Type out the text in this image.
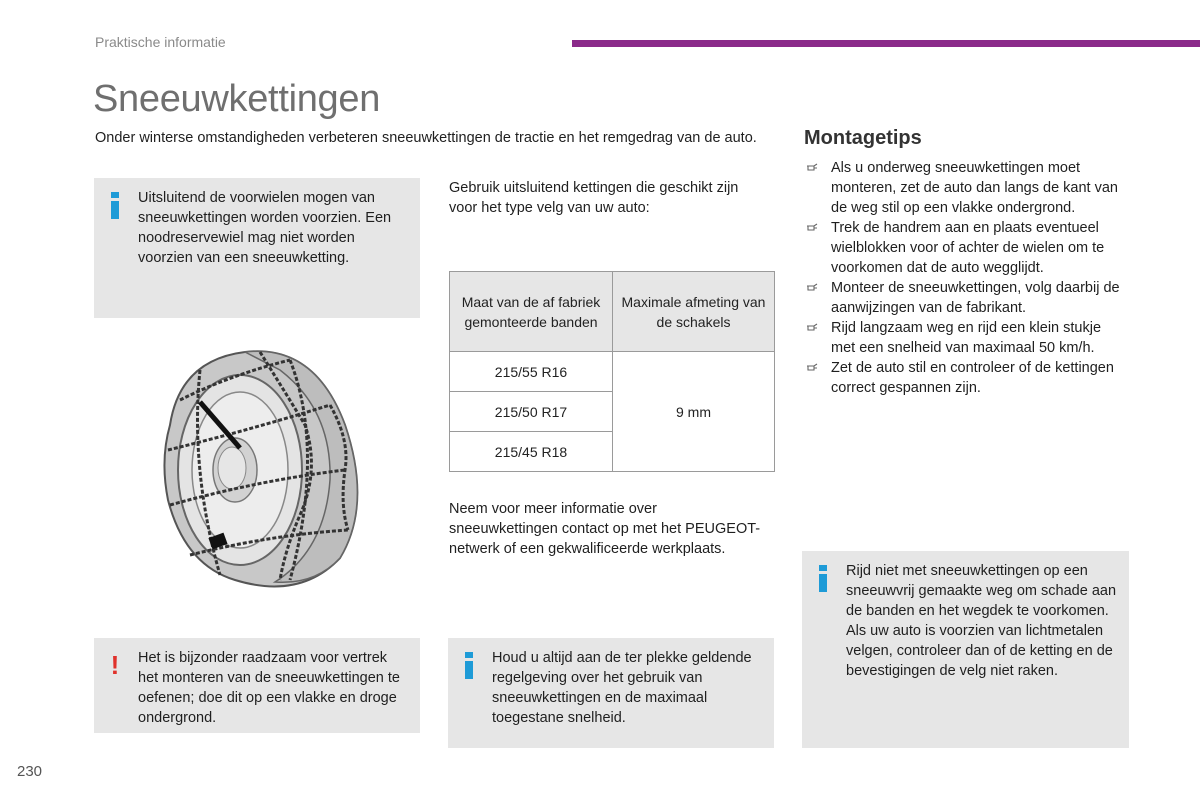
Praktische informatie
Sneeuwkettingen
Onder winterse omstandigheden verbeteren sneeuwkettingen de tractie en het remgedrag van de auto.
Uitsluitend de voorwielen mogen van sneeuwkettingen worden voorzien. Een noodreservewiel mag niet worden voorzien van een sneeuwketting.
! Het is bijzonder raadzaam voor vertrek het monteren van de sneeuwkettingen te oefenen; doe dit op een vlakke en droge ondergrond.
Gebruik uitsluitend kettingen die geschikt zijn voor het type velg van uw auto:
Maat van de af fabriek gemonteerde banden	Maximale afmeting van de schakels
215/55 R16	9 mm
215/50 R17	
215/45 R18	
Neem voor meer informatie over sneeuwkettingen contact op met het PEUGEOT-netwerk of een gekwalificeerde werkplaats.
Houd u altijd aan de ter plekke geldende regelgeving over het gebruik van sneeuwkettingen en de maximaal toegestane snelheid.
Montagetips
Als u onderweg sneeuwkettingen moet monteren, zet de auto dan langs de kant van de weg stil op een vlakke ondergrond.
Trek de handrem aan en plaats eventueel wielblokken voor of achter de wielen om te voorkomen dat de auto wegglijdt.
Monteer de sneeuwkettingen, volg daarbij de aanwijzingen van de fabrikant.
Rijd langzaam weg en rijd een klein stukje met een snelheid van maximaal 50 km/h.
Zet de auto stil en controleer of de kettingen correct gespannen zijn.
Rijd niet met sneeuwkettingen op een sneeuwvrij gemaakte weg om schade aan de banden en het wegdek te voorkomen. Als uw auto is voorzien van lichtmetalen velgen, controleer dan of de ketting en de bevestigingen de velg niet raken.
230
